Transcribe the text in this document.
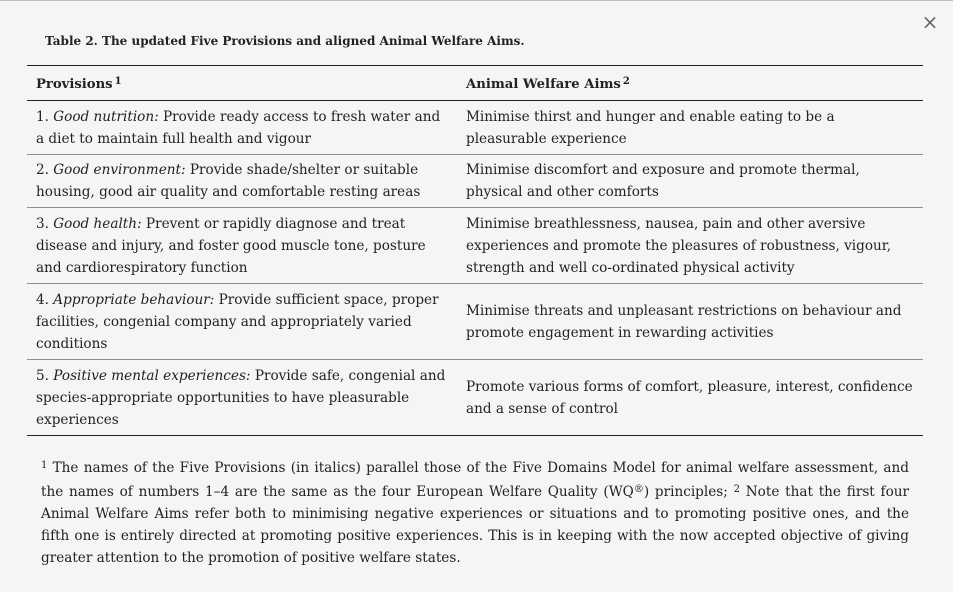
×
Table 2. The updated Five Provisions and aligned Animal Welfare Aims.
Provisions $^1$	Animal Welfare Aims $^2$
1. Good nutrition: Provide ready access to fresh water and a diet to maintain full health and vigour	Minimise thirst and hunger and enable eating to be a pleasurable experience
2. Good environment: Provide shade/shelter or suitable housing, good air quality and comfortable resting areas	Minimise discomfort and exposure and promote thermal, physical and other comforts
3. Good health: Prevent or rapidly diagnose and treat disease and injury, and foster good muscle tone, posture and cardiorespiratory function	Minimise breathlessness, nausea, pain and other aversive experiences and promote the pleasures of robustness, vigour, strength and well co-ordinated physical activity
4. Appropriate behaviour: Provide sufficient space, proper facilities, congenial company and appropriately varied conditions	Minimise threats and unpleasant restrictions on behaviour and promote engagement in rewarding activities
5. Positive mental experiences: Provide safe, congenial and species-appropriate opportunities to have pleasurable experiences	Promote various forms of comfort, pleasure, interest, confidence and a sense of control
$^1$ The names of the Five Provisions (in italics) parallel those of the Five Domains Model for animal welfare assessment, and the names of numbers 1–4 are the same as the four European Welfare Quality (WQ®) principles; $^2$ Note that the first four Animal Welfare Aims refer both to minimising negative experiences or situations and to promoting positive ones, and the fifth one is entirely directed at promoting positive experiences. This is in keeping with the now accepted objective of giving greater attention to the promotion of positive welfare states.
